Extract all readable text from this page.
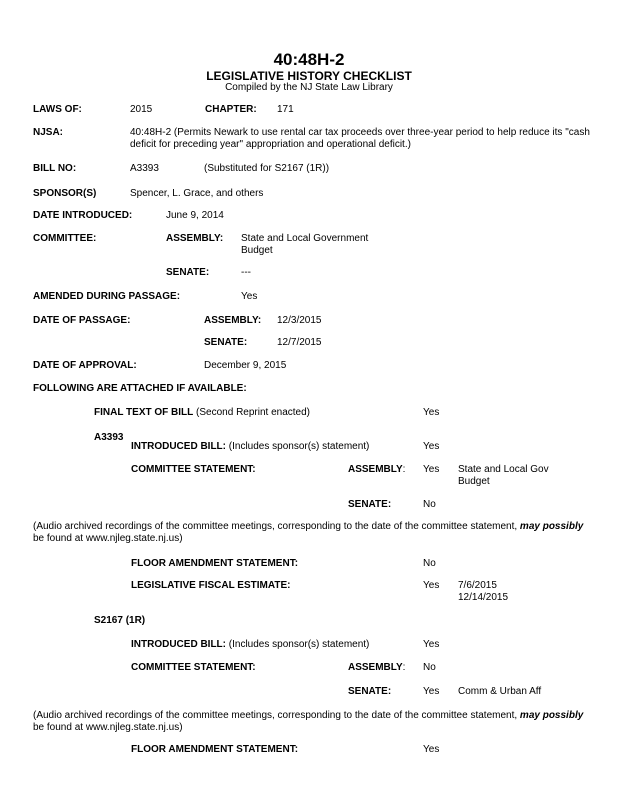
40:48H-2
LEGISLATIVE HISTORY CHECKLIST
Compiled by the NJ State Law Library
LAWS OF:	2015	CHAPTER: 171
NJSA:	40:48H-2 (Permits Newark to use rental car tax proceeds over three-year period to help reduce its "cash
deficit for preceding year" appropriation and operational deficit.)
BILL NO:	A3393	(Substituted for S2167 (1R))
SPONSOR(S)	Spencer, L. Grace, and others
DATE INTRODUCED:	June 9, 2014
COMMITTEE:	ASSEMBLY: State and Local Government
Budget
SENATE:	---
AMENDED DURING PASSAGE:	Yes
DATE OF PASSAGE:	ASSEMBLY: 12/3/2015
SENATE:	12/7/2015
DATE OF APPROVAL:	December 9, 2015
FOLLOWING ARE ATTACHED IF AVAILABLE:
FINAL TEXT OF BILL (Second Reprint enacted)	Yes
A3393
INTRODUCED BILL: (Includes sponsor(s) statement)	Yes
COMMITTEE STATEMENT:	ASSEMBLY: Yes State and Local Gov
Budget
SENATE:	No
(Audio archived recordings of the committee meetings, corresponding to the date of the committee statement, may possibly
be found at www.njleg.state.nj.us)
FLOOR AMENDMENT STATEMENT:	No
LEGISLATIVE FISCAL ESTIMATE:	Yes 7/6/2015
12/14/2015
S2167 (1R)
INTRODUCED BILL: (Includes sponsor(s) statement)	Yes
COMMITTEE STATEMENT:	ASSEMBLY: No
SENATE:	Yes Comm & Urban Aff
(Audio archived recordings of the committee meetings, corresponding to the date of the committee statement, may possibly
be found at www.njleg.state.nj.us)
FLOOR AMENDMENT STATEMENT:	Yes
